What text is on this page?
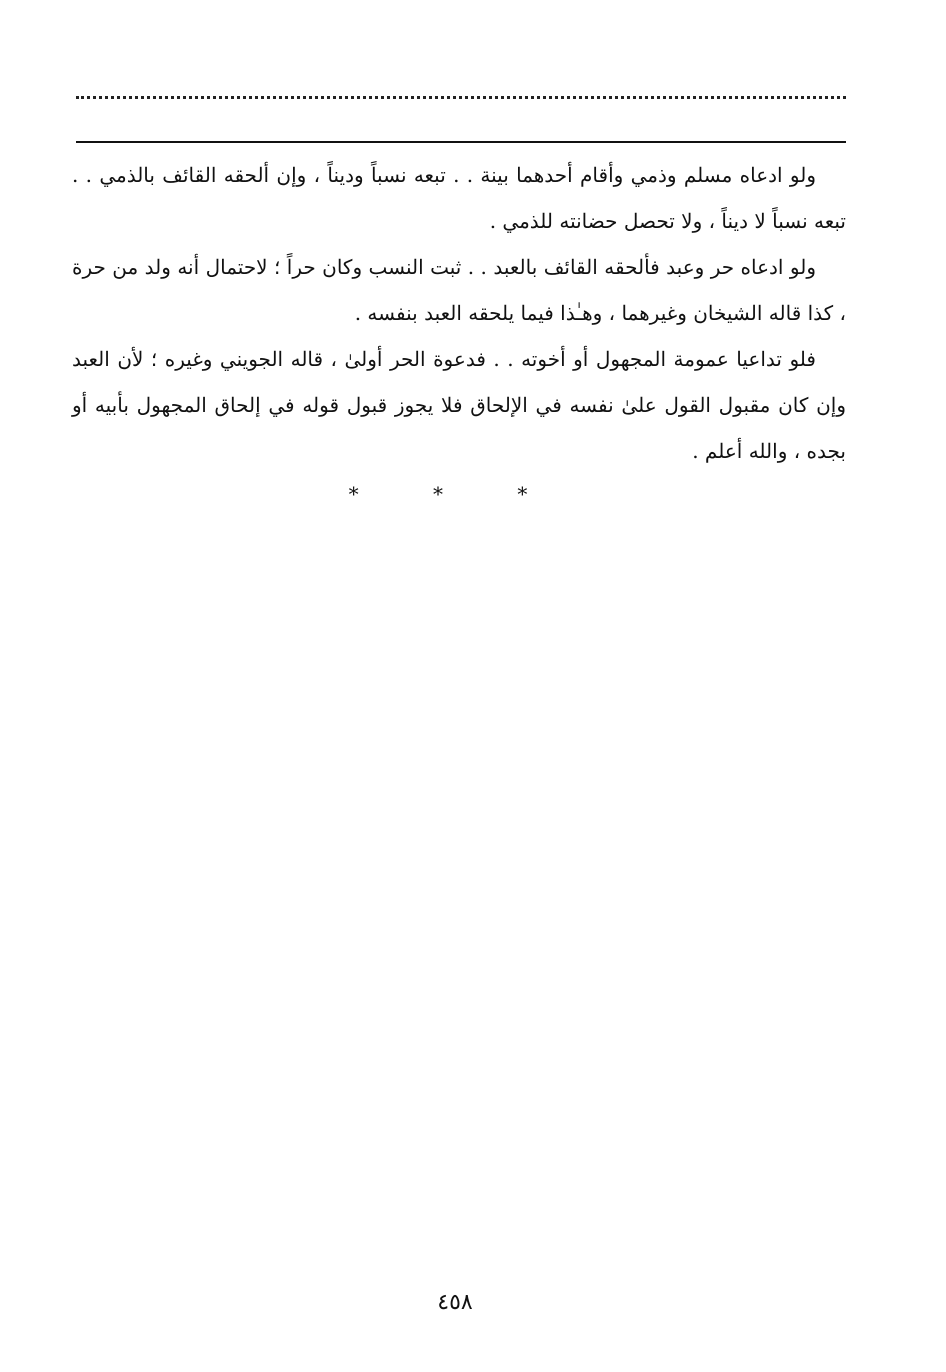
ولو ادعاه مسلم وذمي وأقام أحدهما بينة . . تبعه نسباً وديناً ، وإن ألحقه القائف بالذمي . . تبعه نسباً لا ديناً ، ولا تحصل حضانته للذمي .

ولو ادعاه حر وعبد فألحقه القائف بالعبد . . ثبت النسب وكان حراً ؛ لاحتمال أنه ولد من حرة ، كذا قاله الشيخان وغيرهما ، وهـٰذا فيما يلحقه العبد بنفسه .

فلو تداعيا عمومة المجهول أو أخوته . . فدعوة الحر أولىٰ ، قاله الجويني وغيره ؛ لأن العبد وإن كان مقبول القول علىٰ نفسه في الإلحاق فلا يجوز قبول قوله في إلحاق المجهول بأبيه أو بجده ، والله أعلم .

* * *
٤٥٨
